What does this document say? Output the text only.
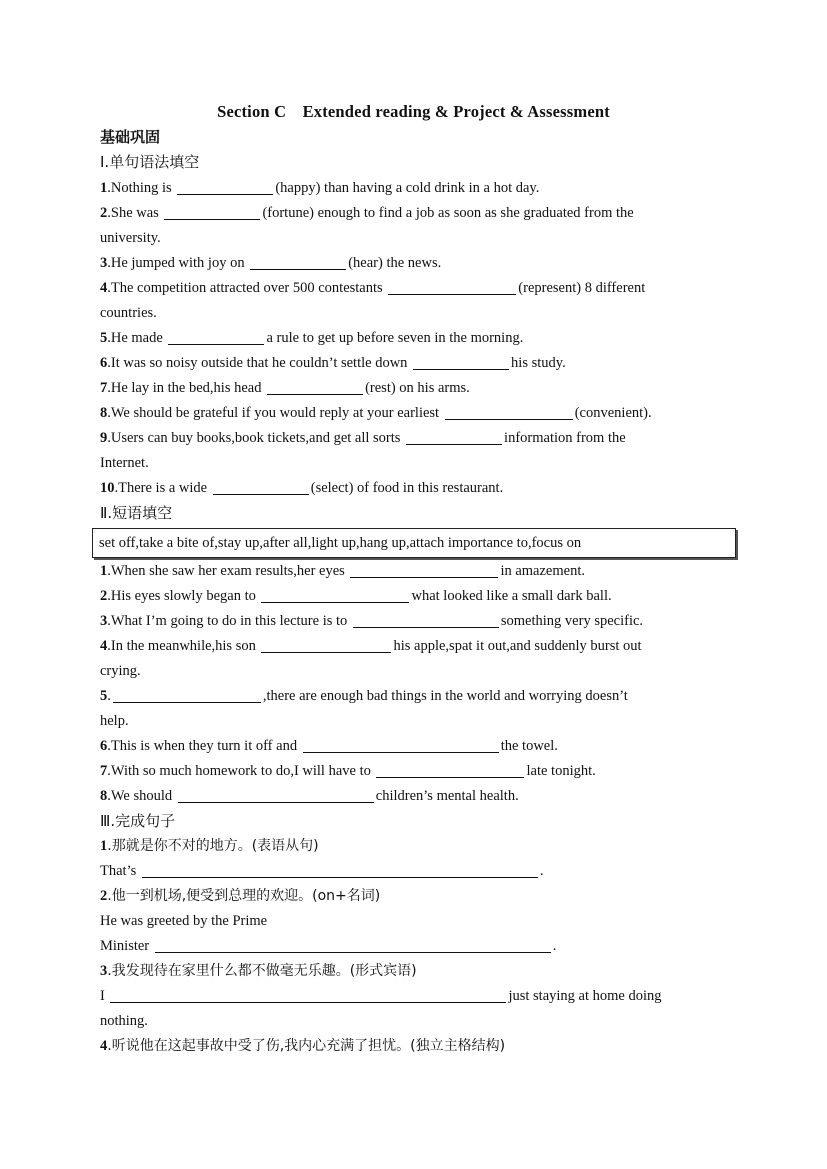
Section C Extended reading & Project & Assessment
基础巩固
Ⅰ.单句语法填空
1.Nothing is	(happy) than having a cold drink in a hot day.
2.She was	(fortune) enough to find a job as soon as she graduated from the
university.
3.He jumped with joy on	(hear) the news.
4.The competition attracted over 500 contestants	(represent) 8 different
countries.
5.He made	a rule to get up before seven in the morning.
6.It was so noisy outside that he couldn’t settle down	his study.
7.He lay in the bed,his head	(rest) on his arms.
8.We should be grateful if you would reply at your earliest	(convenient).
9.Users can buy books,book tickets,and get all sorts	information from the
Internet.
10.There is a wide	(select) of food in this restaurant.
Ⅱ.短语填空
set off,take a bite of,stay up,after all,light up,hang up,attach importance to,focus on
1.When she saw her exam results,her eyes	in amazement.
2.His eyes slowly began to	what looked like a small dark ball.
3.What I’m going to do in this lecture is to	something very specific.
4.In the meanwhile,his son	his apple,spat it out,and suddenly burst out
crying.
5.	,there are enough bad things in the world and worrying doesn’t
help.
6.This is when they turn it off and	the towel.
7.With so much homework to do,I will have to	late tonight.
8.We should	children’s mental health.
Ⅲ.完成句子
1.那就是你不对的地方。(表语从句)
That’s	.
2.他一到机场,便受到总理的欢迎。(on+名词)
He was greeted by the Prime
Minister	.
3.我发现待在家里什么都不做毫无乐趣。(形式宾语)
I	just staying at home doing
nothing.
4.听说他在这起事故中受了伤,我内心充满了担忧。(独立主格结构)
